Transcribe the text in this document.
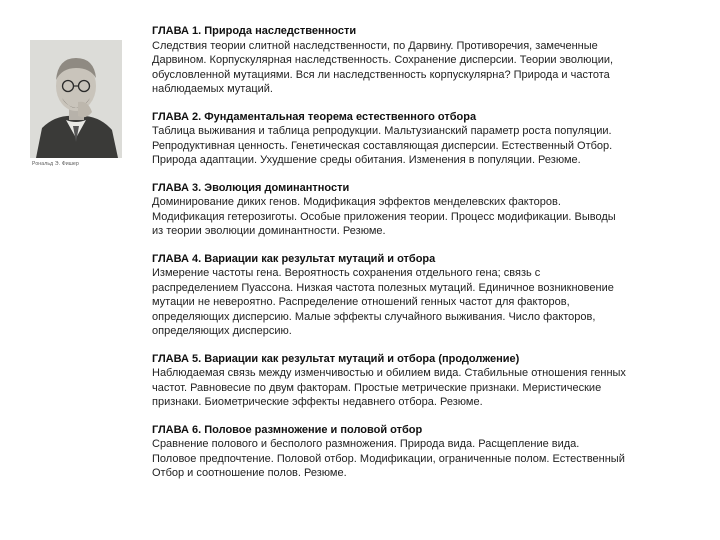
Рональд Э. Фишер
ГЛАВА 1. Природа наследственности

Следствия теории слитной наследственности, по Дарвину. Противоречия, замеченные
Дарвином. Корпускулярная наследственность. Сохранение дисперсии. Теории эволюции,
обусловленной мутациями. Вся ли наследственность корпускулярна? Природа и частота
наблюдаемых мутаций.

ГЛАВА 2. Фундаментальная теорема естественного отбора

Таблица выживания и таблица репродукции. Мальтузианский параметр роста популяции.
Репродуктивная ценность. Генетическая составляющая дисперсии. Естественный Отбор.
Природа адаптации. Ухудшение среды обитания. Изменения в популяции. Резюме.

ГЛАВА 3. Эволюция доминантности

Доминирование диких генов. Модификация эффектов менделевских факторов.
Модификация гетерозиготы. Особые приложения теории. Процесс модификации. Выводы
из теории эволюции доминантности. Резюме.

ГЛАВА 4. Вариации как результат мутаций и отбора

Измерение частоты гена. Вероятность сохранения отдельного гена; связь с
распределением Пуассона. Низкая частота полезных мутаций. Единичное возникновение
мутации не невероятно. Распределение отношений генных частот для факторов,
определяющих дисперсию. Малые эффекты случайного выживания. Число факторов,
определяющих дисперсию.

ГЛАВА 5. Вариации как результат мутаций и отбора (продолжение)

Наблюдаемая связь между изменчивостью и обилием вида. Стабильные отношения генных
частот. Равновесие по двум факторам. Простые метрические признаки. Меристические
признаки. Биометрические эффекты недавнего отбора. Резюме.

ГЛАВА 6. Половое размножение и половой отбор

Сравнение полового и бесполого размножения. Природа вида. Расщепление вида.
Половое предпочтение. Половой отбор. Модификации, ограниченные полом. Естественный
Отбор и соотношение полов. Резюме.
